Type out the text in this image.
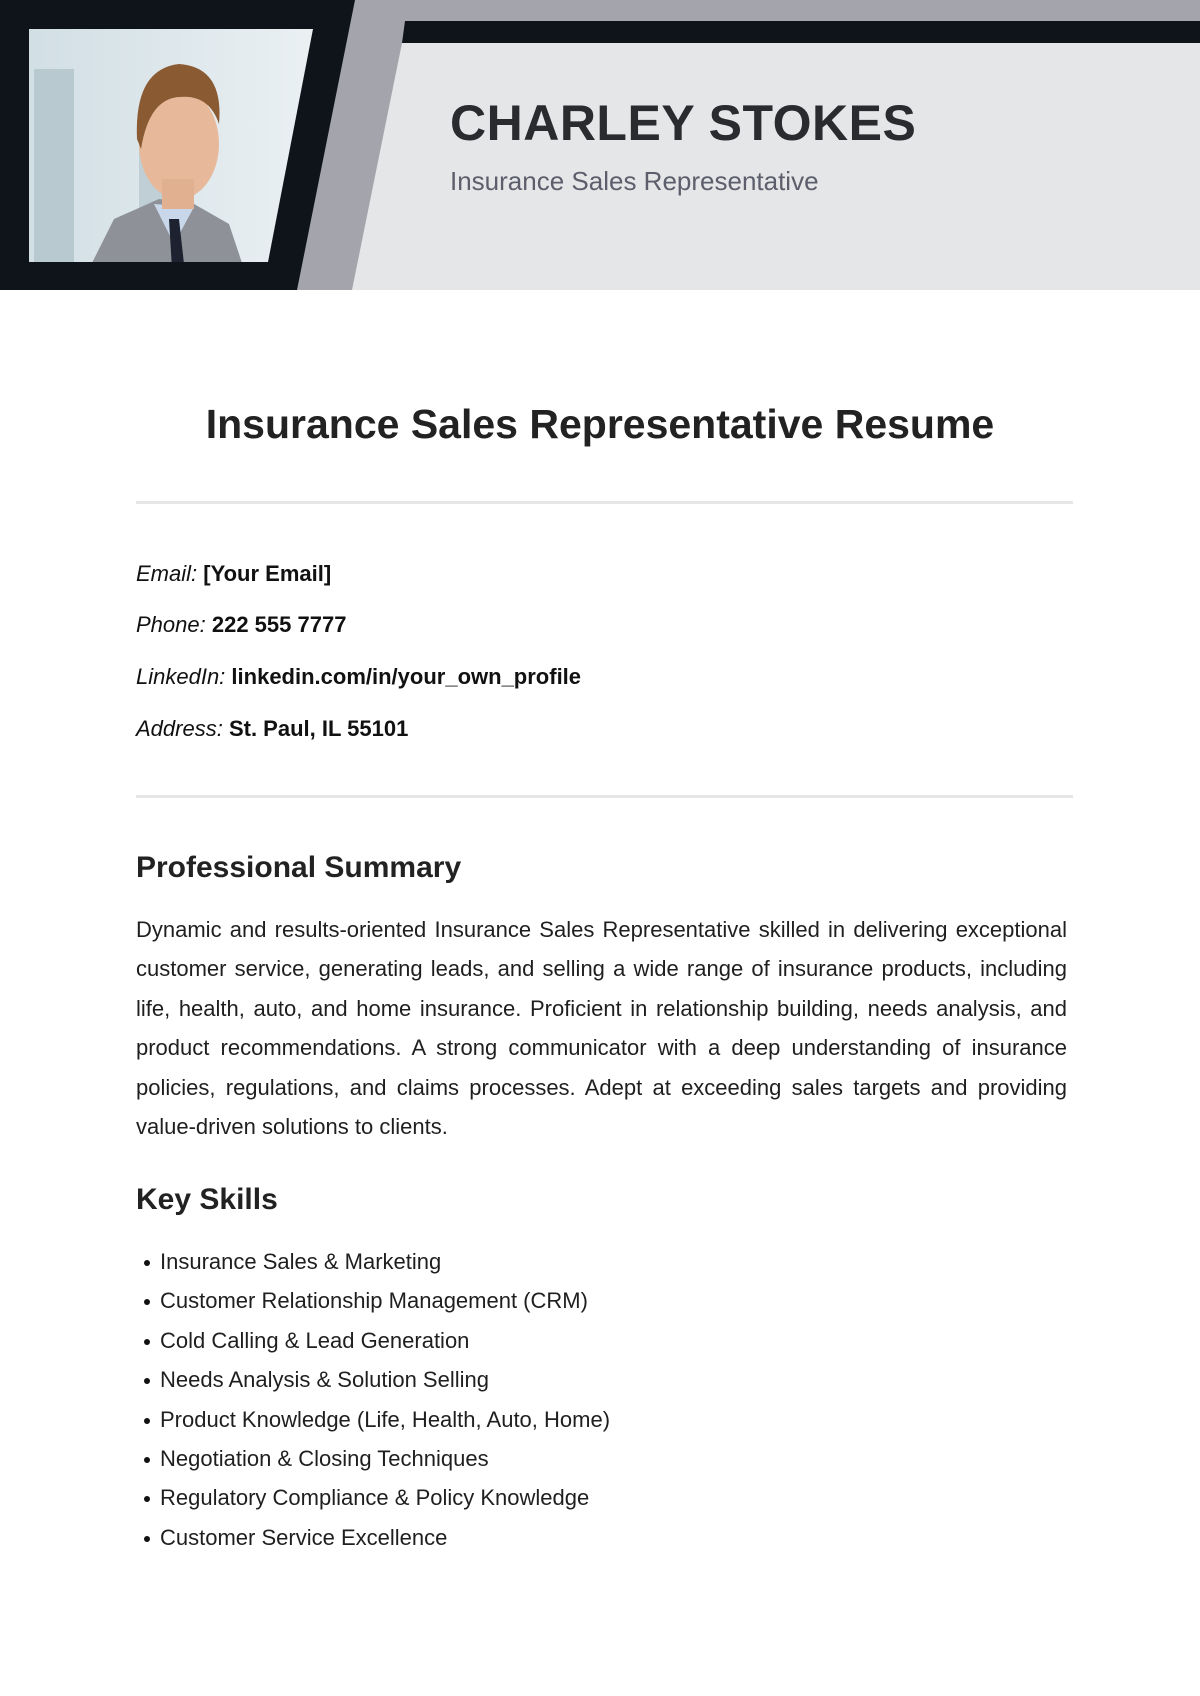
CHARLEY STOKES
Insurance Sales Representative
Insurance Sales Representative Resume
Email: [Your Email]
Phone: 222 555 7777
LinkedIn: linkedin.com/in/your_own_profile
Address: St. Paul, IL 55101
Professional Summary
Dynamic and results-oriented Insurance Sales Representative skilled in delivering exceptional customer service, generating leads, and selling a wide range of insurance products, including life, health, auto, and home insurance. Proficient in relationship building, needs analysis, and product recommendations. A strong communicator with a deep understanding of insurance policies, regulations, and claims processes. Adept at exceeding sales targets and providing value-driven solutions to clients.
Key Skills
Insurance Sales & Marketing
Customer Relationship Management (CRM)
Cold Calling & Lead Generation
Needs Analysis & Solution Selling
Product Knowledge (Life, Health, Auto, Home)
Negotiation & Closing Techniques
Regulatory Compliance & Policy Knowledge
Customer Service Excellence
